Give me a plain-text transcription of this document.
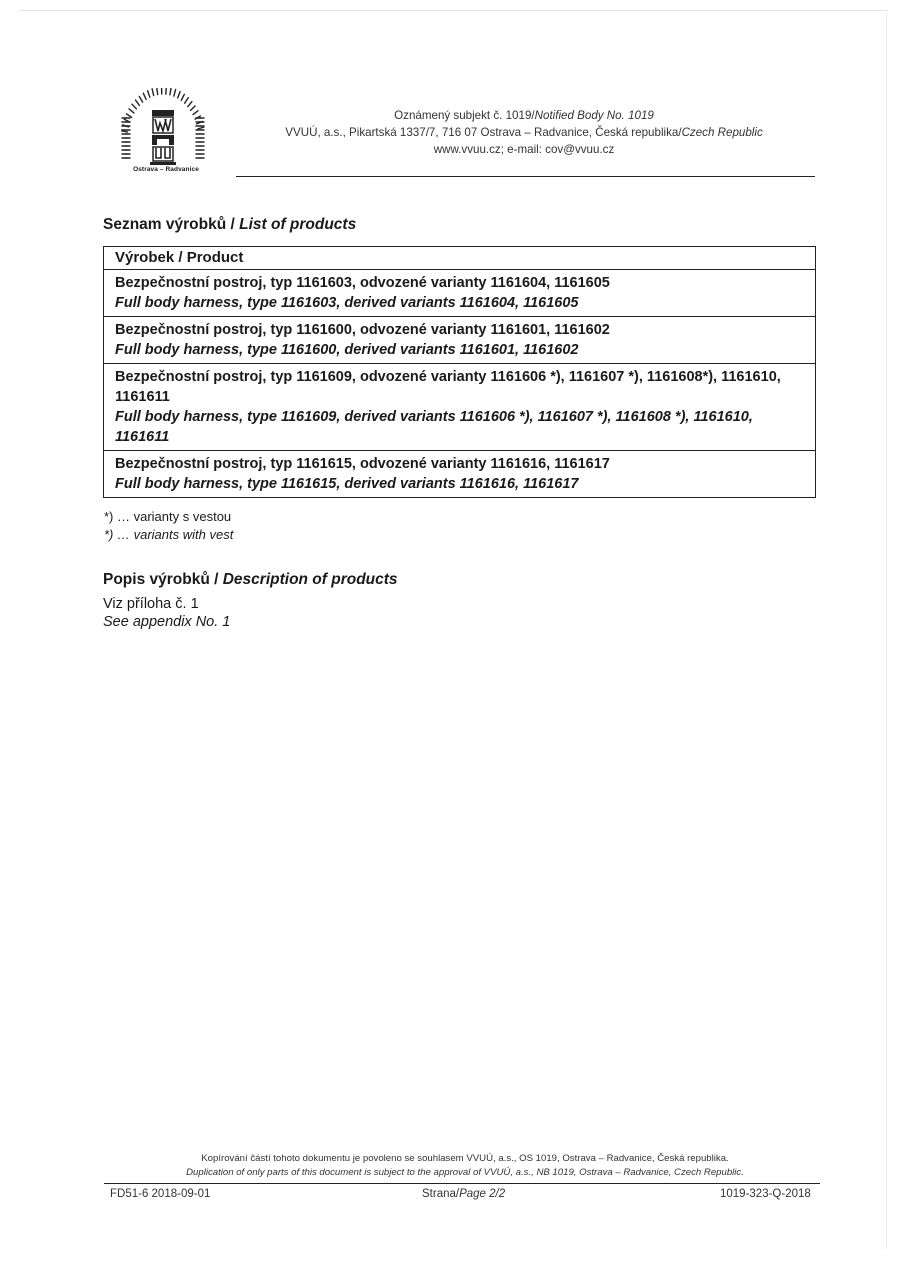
Ostrava – Radvanice
Oznámený subjekt č. 1019/Notified Body No. 1019
VVUÚ, a.s., Pikartská 1337/7, 716 07 Ostrava – Radvanice, Česká republika/Czech Republic
www.vvuu.cz; e-mail: cov@vvuu.cz
Seznam výrobků / List of products
Výrobek / Product
Bezpečnostní postroj, typ 1161603, odvozené varianty 1161604, 1161605
Full body harness, type 1161603, derived variants 1161604, 1161605
Bezpečnostní postroj, typ 1161600, odvozené varianty 1161601, 1161602
Full body harness, type 1161600, derived variants 1161601, 1161602
Bezpečnostní postroj, typ 1161609, odvozené varianty 1161606 *), 1161607 *), 1161608*), 1161610, 1161611
Full body harness, type 1161609, derived variants 1161606 *), 1161607 *), 1161608 *), 1161610, 1161611
Bezpečnostní postroj, typ 1161615, odvozené varianty 1161616, 1161617
Full body harness, type 1161615, derived variants 1161616, 1161617
*) … varianty s vestou
*) … variants with vest
Popis výrobků / Description of products
Viz příloha č. 1
See appendix No. 1
Kopírování částí tohoto dokumentu je povoleno se souhlasem VVUÚ, a.s., OS 1019, Ostrava – Radvanice, Česká republika.
Duplication of only parts of this document is subject to the approval of VVUÚ, a.s., NB 1019, Ostrava – Radvanice, Czech Republic.
FD51-6 2018-09-01	Strana/Page 2/2	1019-323-Q-2018
